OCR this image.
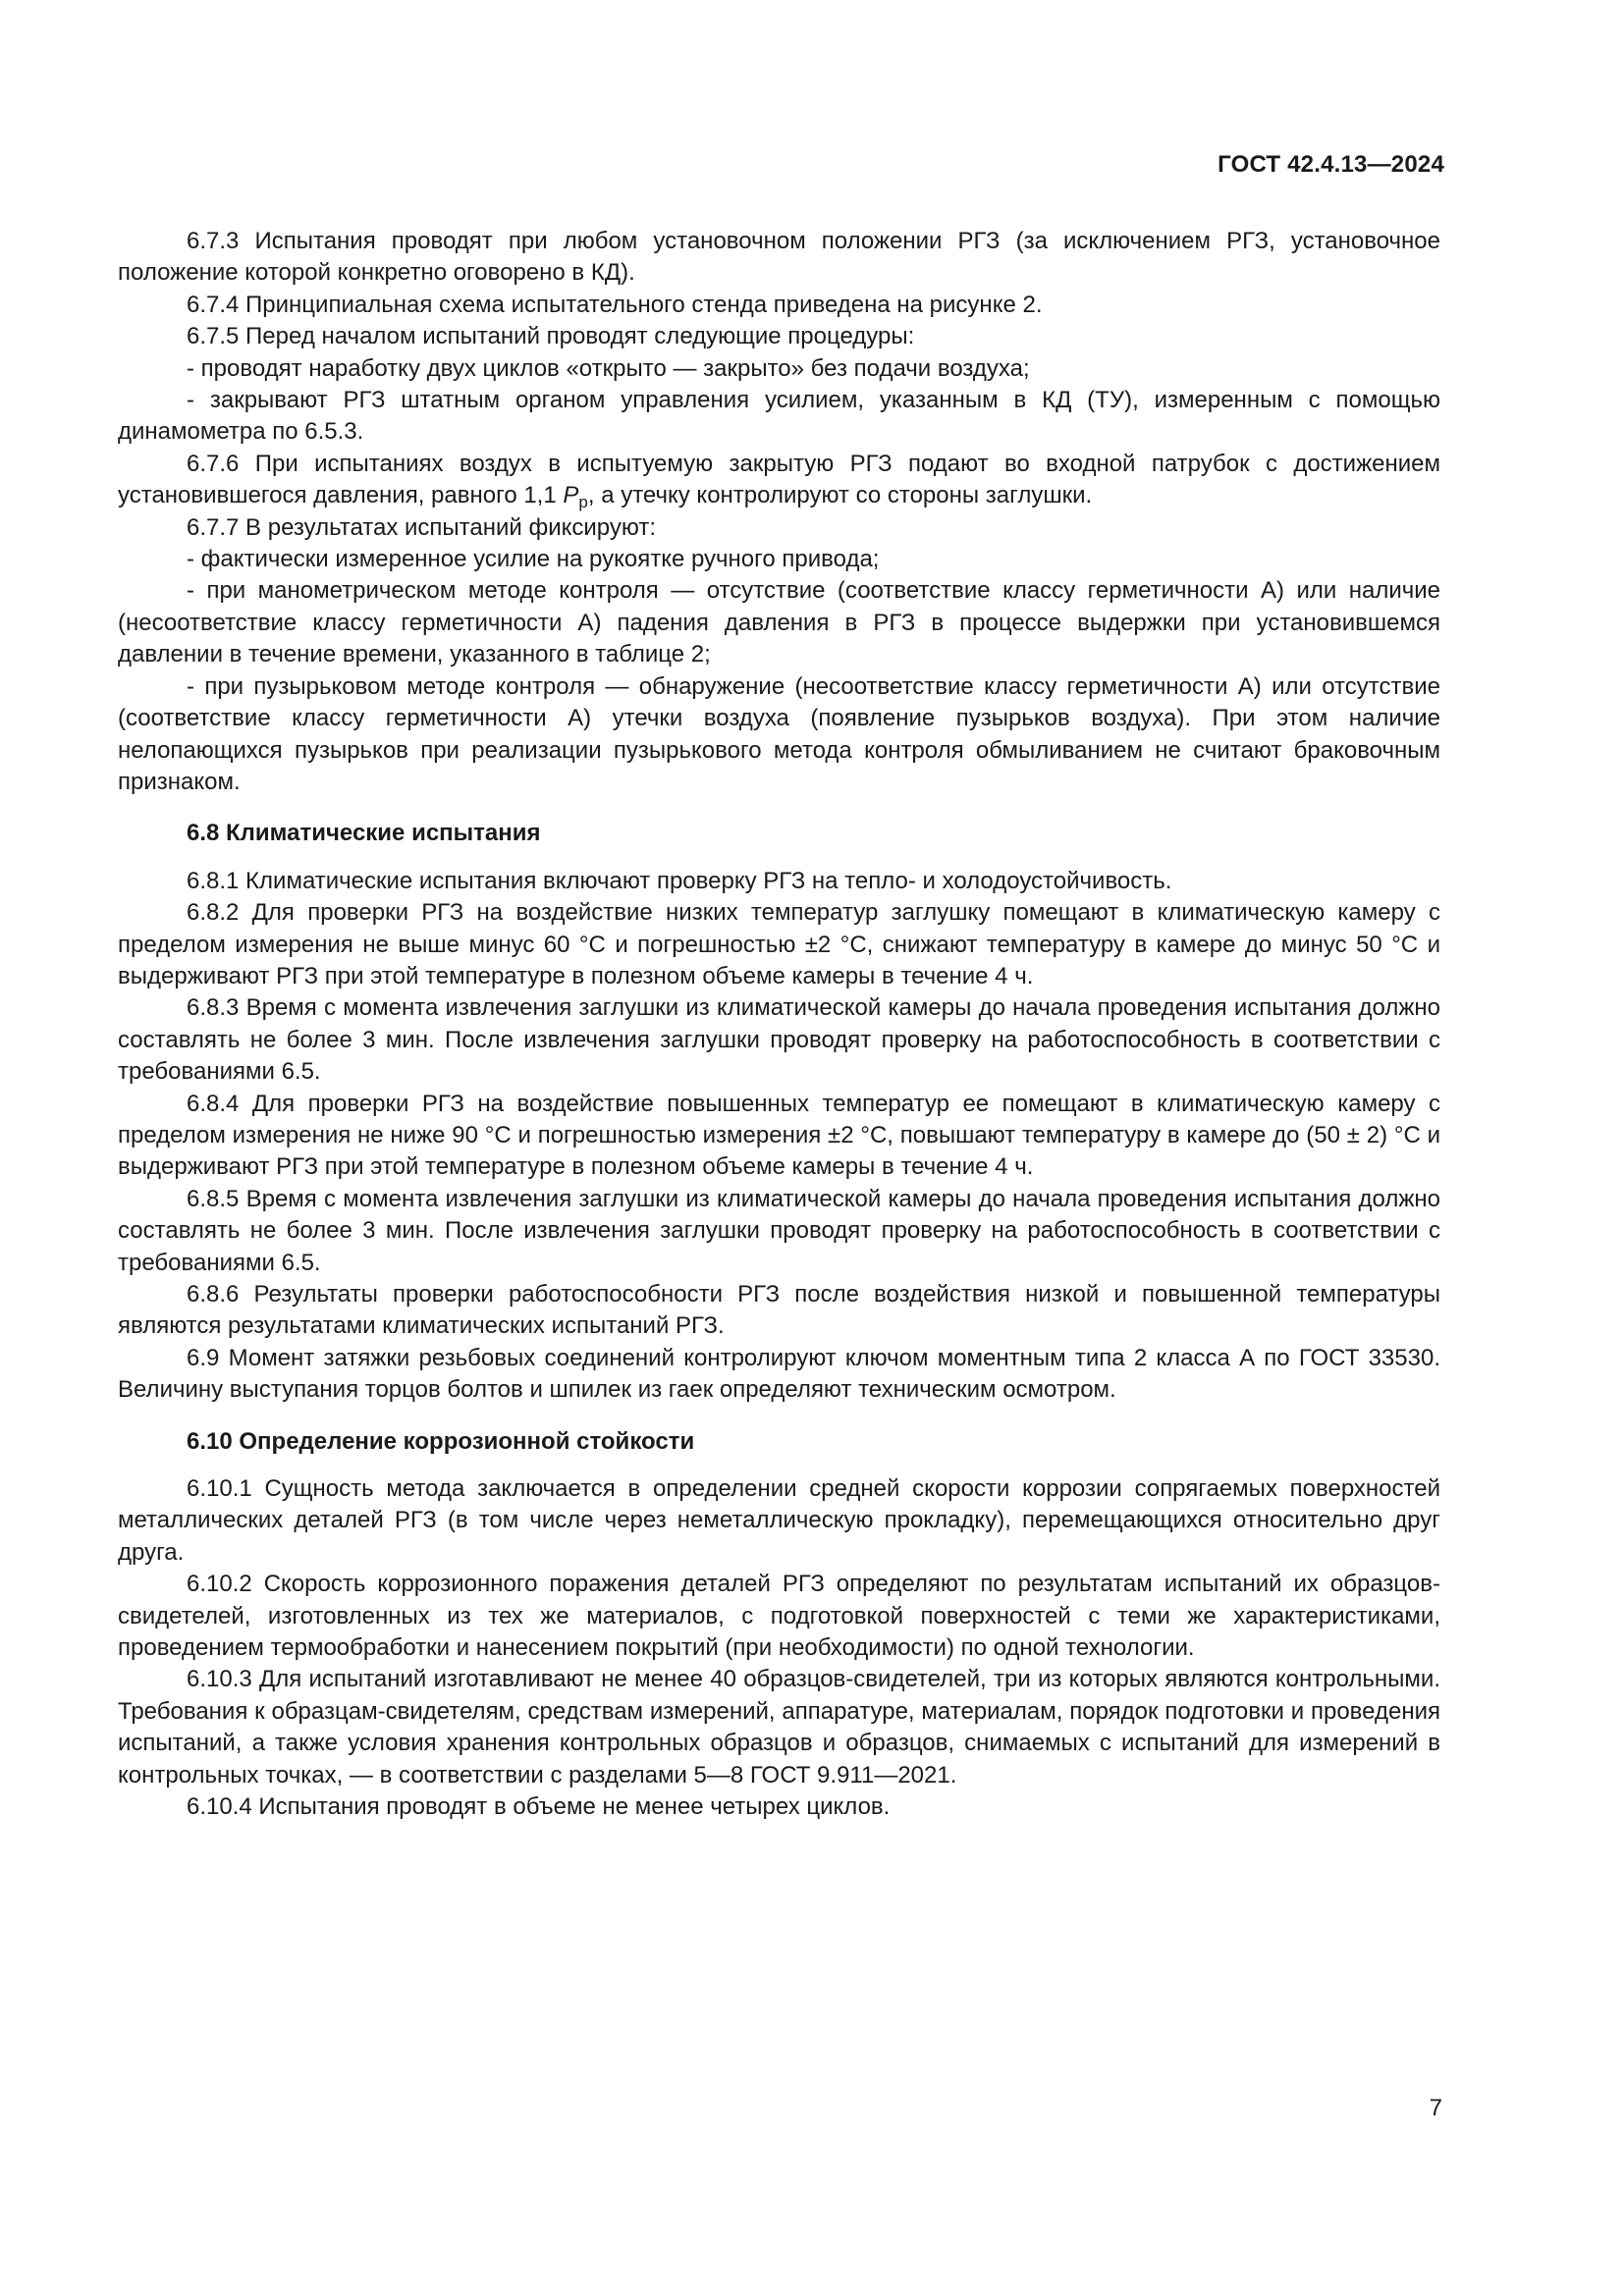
ГОСТ 42.4.13—2024

6.7.3 Испытания проводят при любом установочном положении РГЗ (за исключением РГЗ, установочное положение которой конкретно оговорено в КД).

6.7.4 Принципиальная схема испытательного стенда приведена на рисунке 2.

6.7.5 Перед началом испытаний проводят следующие процедуры:

- проводят наработку двух циклов «открыто — закрыто» без подачи воздуха;

- закрывают РГЗ штатным органом управления усилием, указанным в КД (ТУ), измеренным с помощью динамометра по 6.5.3.

6.7.6 При испытаниях воздух в испытуемую закрытую РГЗ подают во входной патрубок с достижением установившегося давления, равного 1,1 $P_р$, а утечку контролируют со стороны заглушки.

6.7.7 В результатах испытаний фиксируют:

- фактически измеренное усилие на рукоятке ручного привода;

- при манометрическом методе контроля — отсутствие (соответствие классу герметичности А) или наличие (несоответствие классу герметичности А) падения давления в РГЗ в процессе выдержки при установившемся давлении в течение времени, указанного в таблице 2;

- при пузырьковом методе контроля — обнаружение (несоответствие классу герметичности А) или отсутствие (соответствие классу герметичности А) утечки воздуха (появление пузырьков воздуха). При этом наличие нелопающихся пузырьков при реализации пузырькового метода контроля обмыливанием не считают браковочным признаком.

6.8 Климатические испытания

6.8.1 Климатические испытания включают проверку РГЗ на тепло- и холодоустойчивость.

6.8.2 Для проверки РГЗ на воздействие низких температур заглушку помещают в климатическую камеру с пределом измерения не выше минус 60 °С и погрешностью ±2 °С, снижают температуру в камере до минус 50 °С и выдерживают РГЗ при этой температуре в полезном объеме камеры в течение 4 ч.

6.8.3 Время с момента извлечения заглушки из климатической камеры до начала проведения испытания должно составлять не более 3 мин. После извлечения заглушки проводят проверку на работоспособность в соответствии с требованиями 6.5.

6.8.4 Для проверки РГЗ на воздействие повышенных температур ее помещают в климатическую камеру с пределом измерения не ниже 90 °С и погрешностью измерения ±2 °С, повышают температуру в камере до (50 ± 2) °С и выдерживают РГЗ при этой температуре в полезном объеме камеры в течение 4 ч.

6.8.5 Время с момента извлечения заглушки из климатической камеры до начала проведения испытания должно составлять не более 3 мин. После извлечения заглушки проводят проверку на работоспособность в соответствии с требованиями 6.5.

6.8.6 Результаты проверки работоспособности РГЗ после воздействия низкой и повышенной температуры являются результатами климатических испытаний РГЗ.

6.9 Момент затяжки резьбовых соединений контролируют ключом моментным типа 2 класса А по ГОСТ 33530. Величину выступания торцов болтов и шпилек из гаек определяют техническим осмотром.

6.10 Определение коррозионной стойкости

6.10.1 Сущность метода заключается в определении средней скорости коррозии сопрягаемых поверхностей металлических деталей РГЗ (в том числе через неметаллическую прокладку), перемещающихся относительно друг друга.

6.10.2 Скорость коррозионного поражения деталей РГЗ определяют по результатам испытаний их образцов-свидетелей, изготовленных из тех же материалов, с подготовкой поверхностей с теми же характеристиками, проведением термообработки и нанесением покрытий (при необходимости) по одной технологии.

6.10.3 Для испытаний изготавливают не менее 40 образцов-свидетелей, три из которых являются контрольными. Требования к образцам-свидетелям, средствам измерений, аппаратуре, материалам, порядок подготовки и проведения испытаний, а также условия хранения контрольных образцов и образцов, снимаемых с испытаний для измерений в контрольных точках, — в соответствии с разделами 5—8 ГОСТ 9.911—2021.

6.10.4 Испытания проводят в объеме не менее четырех циклов.

7
